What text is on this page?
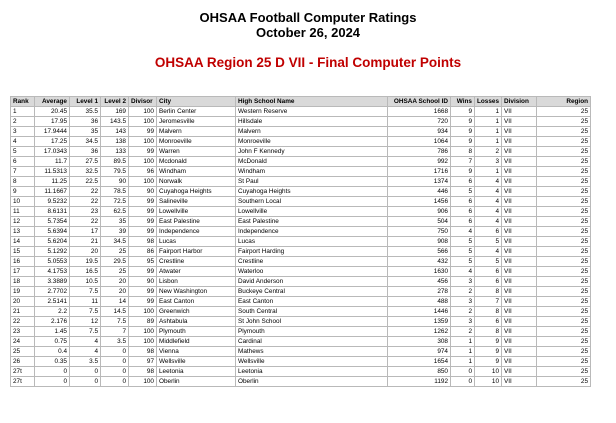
OHSAA Football Computer Ratings
October 26, 2024
OHSAA Region 25 D VII - Final Computer Points
Rank	Average	Level 1	Level 2	Divisor	City	High School Name	OHSAA School ID	Wins	Losses	Division	Region
1	20.45	35.5	169	100	Berlin Center	Western Reserve	1668	9	1	VII	25
2	17.95	36	143.5	100	Jeromesville	Hillsdale	720	9	1	VII	25
3	17.9444	35	143	99	Malvern	Malvern	934	9	1	VII	25
4	17.25	34.5	138	100	Monroeville	Monroeville	1064	9	1	VII	25
5	17.0343	36	133	99	Warren	John F Kennedy	786	8	2	VII	25
6	11.7	27.5	89.5	100	Mcdonald	McDonald	992	7	3	VII	25
7	11.5313	32.5	79.5	96	Windham	Windham	1716	9	1	VII	25
8	11.25	22.5	90	100	Norwalk	St Paul	1374	6	4	VII	25
9	11.1667	22	78.5	90	Cuyahoga Heights	Cuyahoga Heights	446	5	4	VII	25
10	9.5232	22	72.5	99	Salineville	Southern Local	1456	6	4	VII	25
11	8.6131	23	62.5	99	Lowellville	Lowellville	906	6	4	VII	25
12	5.7354	22	35	99	East Palestine	East Palestine	504	6	4	VII	25
13	5.6394	17	39	99	Independence	Independence	750	4	6	VII	25
14	5.6204	21	34.5	98	Lucas	Lucas	908	5	5	VII	25
15	5.1292	20	25	86	Fairport Harbor	Fairport Harding	566	5	4	VII	25
16	5.0553	19.5	29.5	95	Crestline	Crestline	432	5	5	VII	25
17	4.1753	16.5	25	99	Atwater	Waterloo	1630	4	6	VII	25
18	3.3889	10.5	20	90	Lisbon	David Anderson	456	3	6	VII	25
19	2.7702	7.5	20	99	New Washington	Buckeye Central	278	2	8	VII	25
20	2.5141	11	14	99	East Canton	East Canton	488	3	7	VII	25
21	2.2	7.5	14.5	100	Greenwich	South Central	1446	2	8	VII	25
22	2.176	12	7.5	89	Ashtabula	St John School	1359	3	6	VII	25
23	1.45	7.5	7	100	Plymouth	Plymouth	1262	2	8	VII	25
24	0.75	4	3.5	100	Middlefield	Cardinal	308	1	9	VII	25
25	0.4	4	0	98	Vienna	Mathews	974	1	9	VII	25
26	0.35	3.5	0	97	Wellsville	Wellsville	1654	1	9	VII	25
27t	0	0	0	98	Leetonia	Leetonia	850	0	10	VII	25
27t	0	0	0	100	Oberlin	Oberlin	1192	0	10	VII	25
